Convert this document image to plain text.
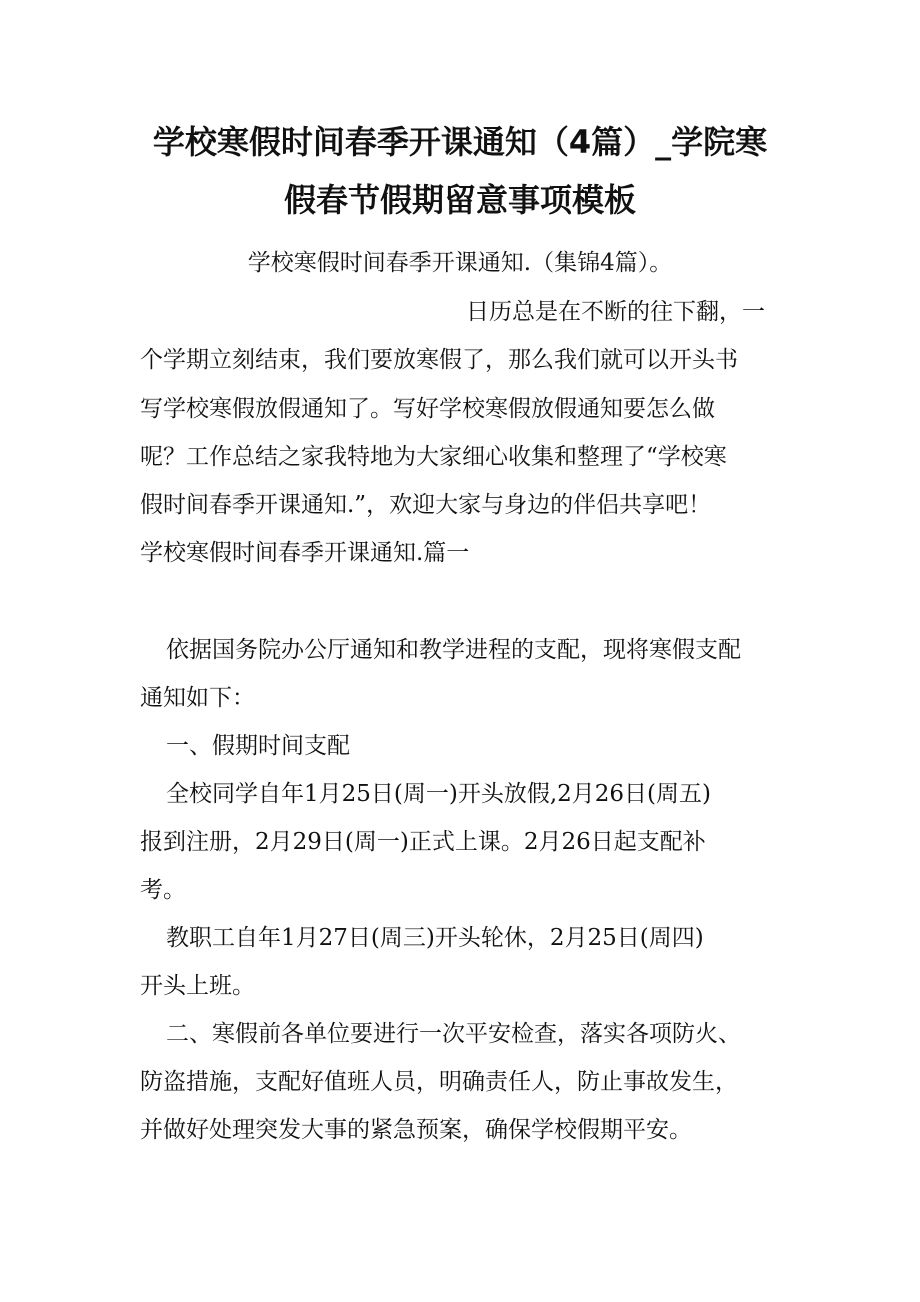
学校寒假时间春季开课通知（4篇）_学院寒
假春节假期留意事项模板

学校寒假时间春季开课通知.（集锦4篇）。

日历总是在不断的往下翻，一

个学期立刻结束，我们要放寒假了，那么我们就可以开头书

写学校寒假放假通知了。写好学校寒假放假通知要怎么做

呢？工作总结之家我特地为大家细心收集和整理了“学校寒

假时间春季开课通知.”，欢迎大家与身边的伴侣共享吧！

学校寒假时间春季开课通知.篇一

依据国务院办公厅通知和教学进程的支配，现将寒假支配

通知如下：

一、假期时间支配

全校同学自年1月25日(周一)开头放假,2月26日(周五)

报到注册，2月29日(周一)正式上课。2月26日起支配补

考。

教职工自年1月27日(周三)开头轮休，2月25日(周四)

开头上班。

二、寒假前各单位要进行一次平安检查，落实各项防火、

防盗措施，支配好值班人员，明确责任人，防止事故发生，

并做好处理突发大事的紧急预案，确保学校假期平安。
